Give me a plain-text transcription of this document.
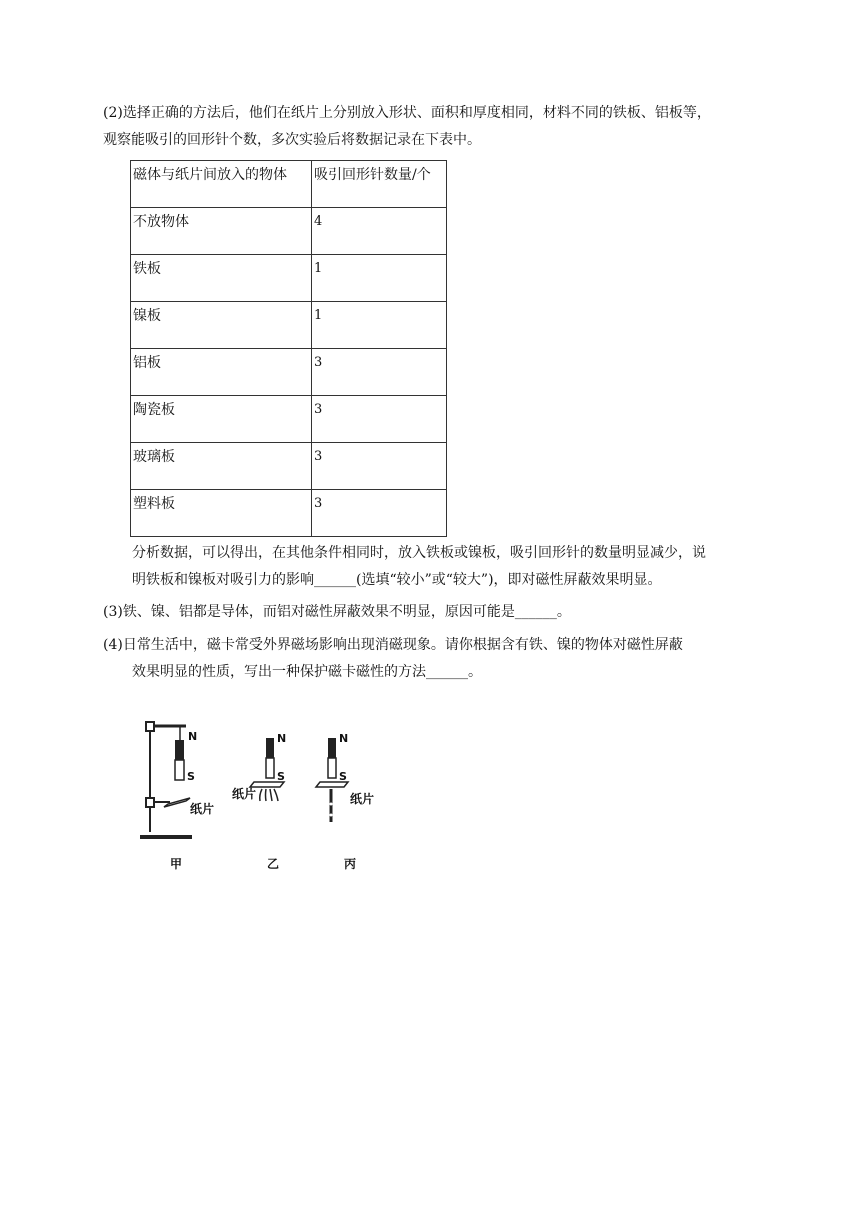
(2)选择正确的方法后，他们在纸片上分别放入形状、面积和厚度相同，材料不同的铁板、铝板等，
观察能吸引的回形针个数，多次实验后将数据记录在下表中。

磁体与纸片间放入的物体	吸引回形针数量/个
不放物体	4
铁板	1
镍板	1
铝板	3
陶瓷板	3
玻璃板	3
塑料板	3

分析数据，可以得出，在其他条件相同时，放入铁板或镍板，吸引回形针的数量明显减少，说
明铁板和镍板对吸引力的影响______(选填“较小”或“较大”)，即对磁性屏蔽效果明显。

(3)铁、镍、铝都是导体，而铝对磁性屏蔽效果不明显，原因可能是______。

(4)日常生活中，磁卡常受外界磁场影响出现消磁现象。请你根据含有铁、镍的物体对磁性屏蔽
效果明显的性质，写出一种保护磁卡磁性的方法______。

N
S
纸片
N
S
纸片
N
S
纸片
甲	乙	丙
